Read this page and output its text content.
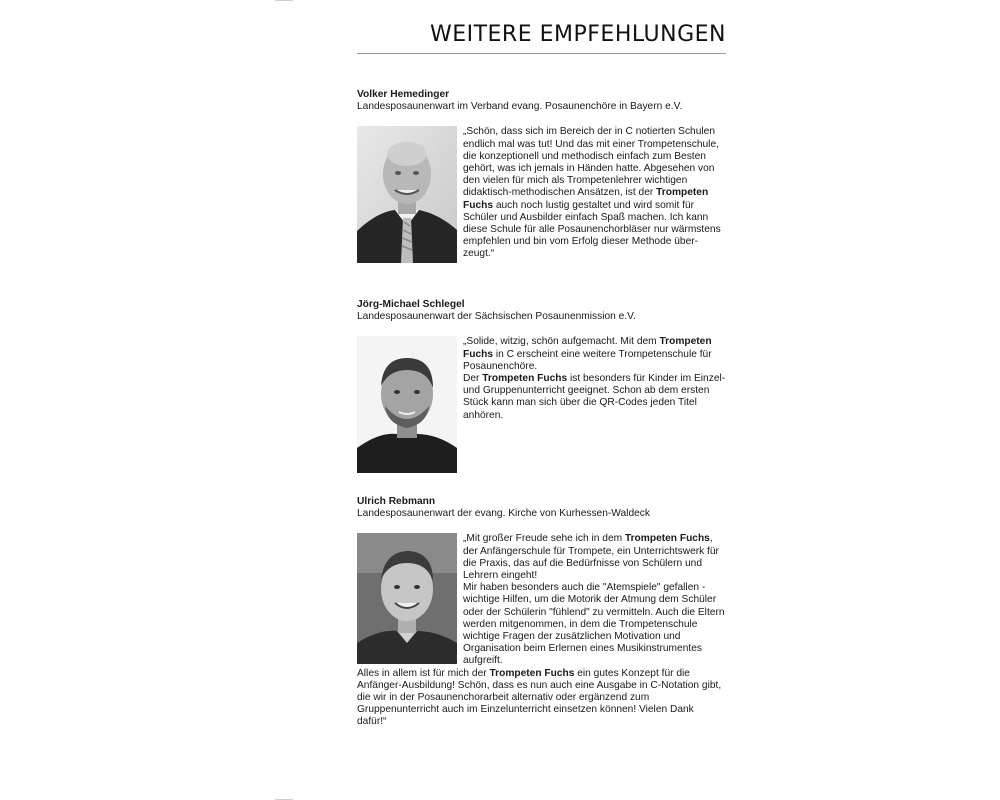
WEITERE EMPFEHLUNGEN
Volker Hemedinger
Landesposaunenwart im Verband evang. Posaunenchöre in Bayern e.V.
„Schön, dass sich im Bereich der in C notierten Schulen endlich mal was tut! Und das mit einer Trompetenschule, die konzeptionell und methodisch einfach zum Besten gehört, was ich jemals in Händen hatte. Abgesehen von den vielen für mich als Trompetenlehrer wichtigen didaktisch-methodischen Ansätzen, ist der Trompeten Fuchs auch noch lustig gestaltet und wird somit für Schüler und Ausbilder einfach Spaß machen. Ich kann diese Schule für alle Posaunenchorbläser nur wärmstens empfehlen und bin vom Erfolg dieser Methode über-zeugt.“
Jörg-Michael Schlegel
Landesposaunenwart der Sächsischen Posaunenmission e.V.
„Solide, witzig, schön aufgemacht. Mit dem Trompeten Fuchs in C erscheint eine weitere Trompetenschule für Posaunenchöre.
Der Trompeten Fuchs ist besonders für Kinder im Einzel- und Gruppenunterricht geeignet. Schon ab dem ersten Stück kann man sich über die QR-Codes jeden Titel anhören.
Ulrich Rebmann
Landesposaunenwart der evang. Kirche von Kurhessen-Waldeck
„Mit großer Freude sehe ich in dem Trompeten Fuchs, der Anfängerschule für Trompete, ein Unterrichtswerk für die Praxis, das auf die Bedürfnisse von Schülern und Lehrern eingeht!
Mir haben besonders auch die "Atemspiele" gefallen - wichtige Hilfen, um die Motorik der Atmung dem Schüler oder der Schülerin "fühlend" zu vermitteln. Auch die Eltern werden mitgenommen, in dem die Trompetenschule wichtige Fragen der zusätzlichen Motivation und Organisation beim Erlernen eines Musikinstrumentes aufgreift.
Alles in allem ist für mich der Trompeten Fuchs ein gutes Konzept für die Anfänger-Ausbildung! Schön, dass es nun auch eine Ausgabe in C-Notation gibt, die wir in der Posaunenchorarbeit alternativ oder ergänzend zum Gruppenunterricht auch im Einzelunterricht einsetzen können! Vielen Dank dafür!“
